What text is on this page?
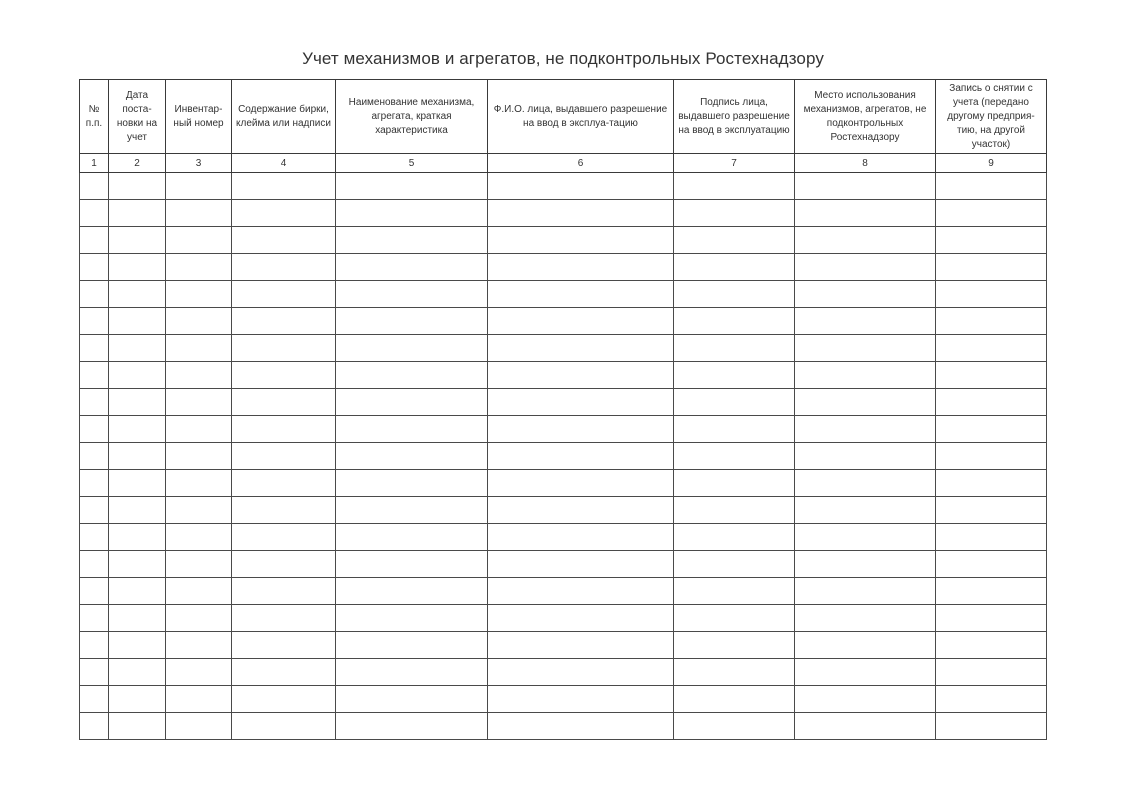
Учет механизмов и агрегатов, не подконтрольных Ростехнадзору
№ п.п.	Дата поста-новки на учет	Инвентар-ный номер	Содержание бирки, клейма или надписи	Наименование механизма, агрегата, краткая характеристика	Ф.И.О. лица, выдавшего разрешение на ввод в эксплуа-тацию	Подпись лица, выдавшего разрешение на ввод в эксплуатацию	Место использования механизмов, агрегатов, не подконтрольных Ростехнадзору	Запись о снятии с учета (передано другому предприя-тию, на другой участок)
1	2	3	4	5	6	7	8	9
